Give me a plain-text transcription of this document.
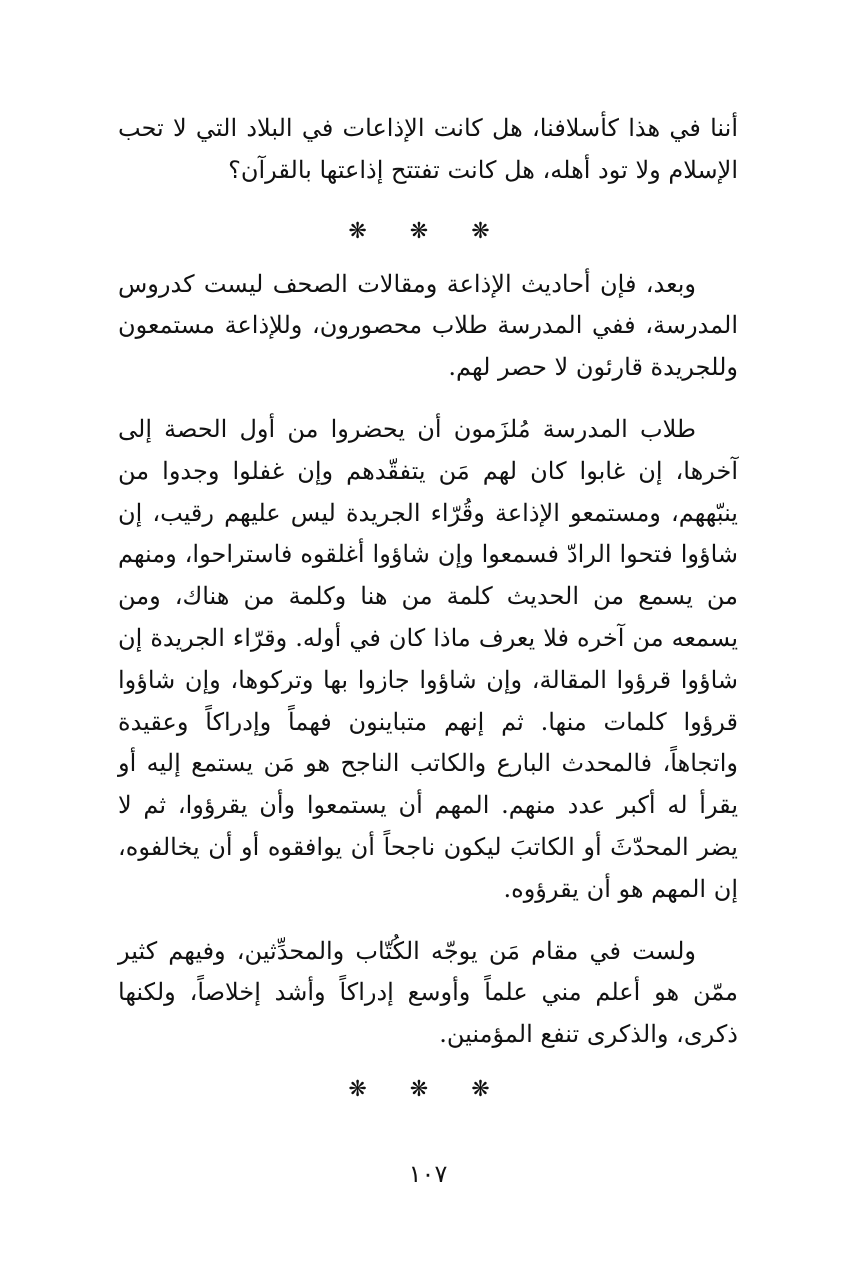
أننا في هذا كأسلافنا، هل كانت الإذاعات في البلاد التي لا تحب الإسلام ولا تود أهله، هل كانت تفتتح إذاعتها بالقرآن؟

❋ ❋ ❋

وبعد، فإن أحاديث الإذاعة ومقالات الصحف ليست كدروس المدرسة، ففي المدرسة طلاب محصورون، وللإذاعة مستمعون وللجريدة قارئون لا حصر لهم.

طلاب المدرسة مُلزَمون أن يحضروا من أول الحصة إلى آخرها، إن غابوا كان لهم مَن يتفقّدهم وإن غفلوا وجدوا من ينبّههم، ومستمعو الإذاعة وقُرّاء الجريدة ليس عليهم رقيب، إن شاؤوا فتحوا الرادّ فسمعوا وإن شاؤوا أغلقوه فاستراحوا، ومنهم من يسمع من الحديث كلمة من هنا وكلمة من هناك، ومن يسمعه من آخره فلا يعرف ماذا كان في أوله. وقرّاء الجريدة إن شاؤوا قرؤوا المقالة، وإن شاؤوا جازوا بها وتركوها، وإن شاؤوا قرؤوا كلمات منها. ثم إنهم متباينون فهماً وإدراكاً وعقيدة واتجاهاً، فالمحدث البارع والكاتب الناجح هو مَن يستمع إليه أو يقرأ له أكبر عدد منهم. المهم أن يستمعوا وأن يقرؤوا، ثم لا يضر المحدّثَ أو الكاتبَ ليكون ناجحاً أن يوافقوه أو أن يخالفوه، إن المهم هو أن يقرؤوه.

ولست في مقام مَن يوجّه الكُتّاب والمحدِّثين، وفيهم كثير ممّن هو أعلم مني علماً وأوسع إدراكاً وأشد إخلاصاً، ولكنها ذكرى، والذكرى تنفع المؤمنين.

❋ ❋ ❋
١٠٧
